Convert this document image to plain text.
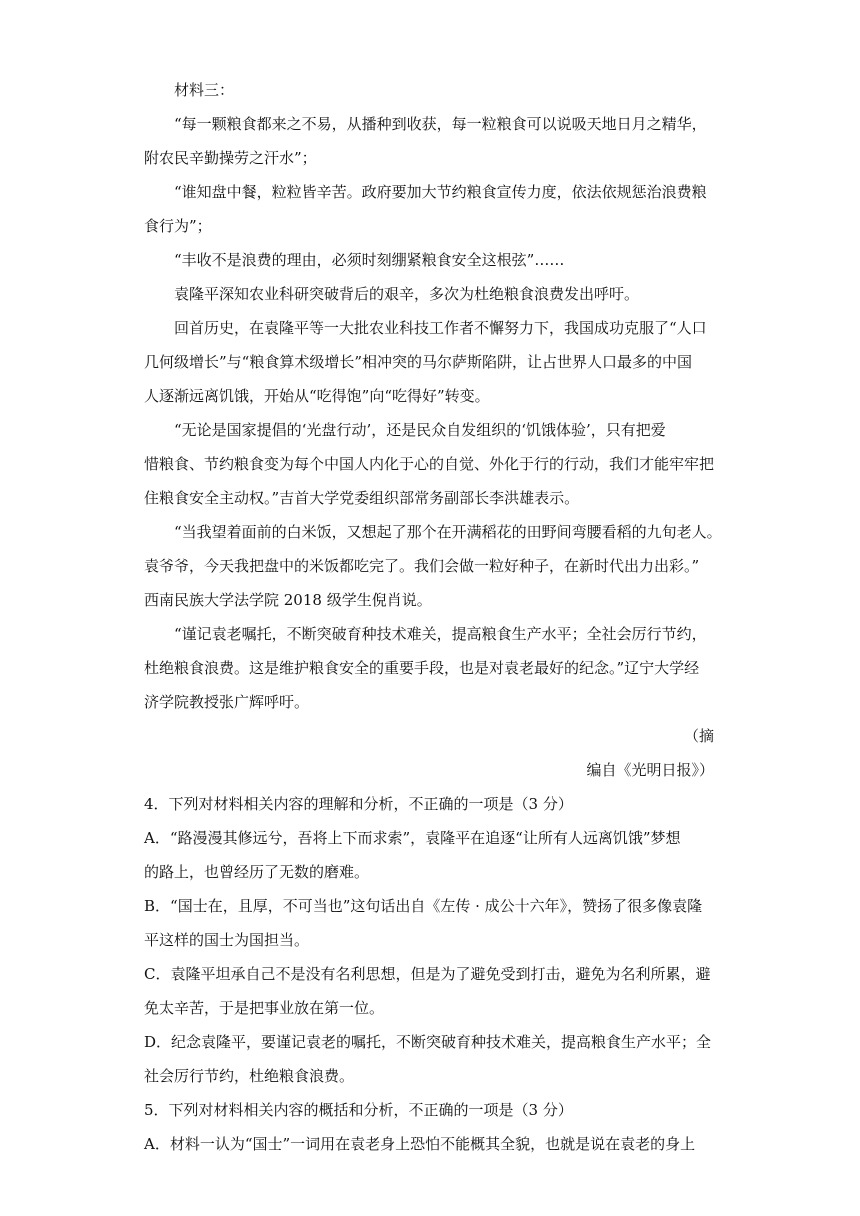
材料三：
“每一颗粮食都来之不易，从播种到收获，每一粒粮食可以说吸天地日月之精华，
附农民辛勤操劳之汗水”；
“谁知盘中餐，粒粒皆辛苦。政府要加大节约粮食宣传力度，依法依规惩治浪费粮
食行为”；
“丰收不是浪费的理由，必须时刻绷紧粮食安全这根弦”……
袁隆平深知农业科研突破背后的艰辛，多次为杜绝粮食浪费发出呼吁。
回首历史，在袁隆平等一大批农业科技工作者不懈努力下，我国成功克服了“人口
几何级增长”与“粮食算术级增长”相冲突的马尔萨斯陷阱，让占世界人口最多的中国
人逐渐远离饥饿，开始从“吃得饱”向“吃得好”转变。
“无论是国家提倡的‘光盘行动’，还是民众自发组织的‘饥饿体验’，只有把爱
惜粮食、节约粮食变为每个中国人内化于心的自觉、外化于行的行动，我们才能牢牢把
住粮食安全主动权。”吉首大学党委组织部常务副部长李洪雄表示。
“当我望着面前的白米饭，又想起了那个在开满稻花的田野间弯腰看稻的九旬老人。
袁爷爷，今天我把盘中的米饭都吃完了。我们会做一粒好种子，在新时代出力出彩。”
西南民族大学法学院 2018 级学生倪肖说。
“谨记袁老嘱托，不断突破育种技术难关，提高粮食生产水平；全社会厉行节约，
杜绝粮食浪费。这是维护粮食安全的重要手段，也是对袁老最好的纪念。”辽宁大学经
济学院教授张广辉呼吁。
（摘
编自《光明日报》）
4．下列对材料相关内容的理解和分析，不正确的一项是（3 分）
A．“路漫漫其修远兮，吾将上下而求索”，袁隆平在追逐“让所有人远离饥饿”梦想
的路上，也曾经历了无数的磨难。
B．“国士在，且厚，不可当也”这句话出自《左传 · 成公十六年》，赞扬了很多像袁隆
平这样的国士为国担当。
C．袁隆平坦承自己不是没有名利思想，但是为了避免受到打击，避免为名利所累，避
免太辛苦，于是把事业放在第一位。
D．纪念袁隆平，要谨记袁老的嘱托，不断突破育种技术难关，提高粮食生产水平；全
社会厉行节约，杜绝粮食浪费。
5．下列对材料相关内容的概括和分析，不正确的一项是（3 分）
A．材料一认为“国士”一词用在袁老身上恐怕不能概其全貌，也就是说在袁老的身上
